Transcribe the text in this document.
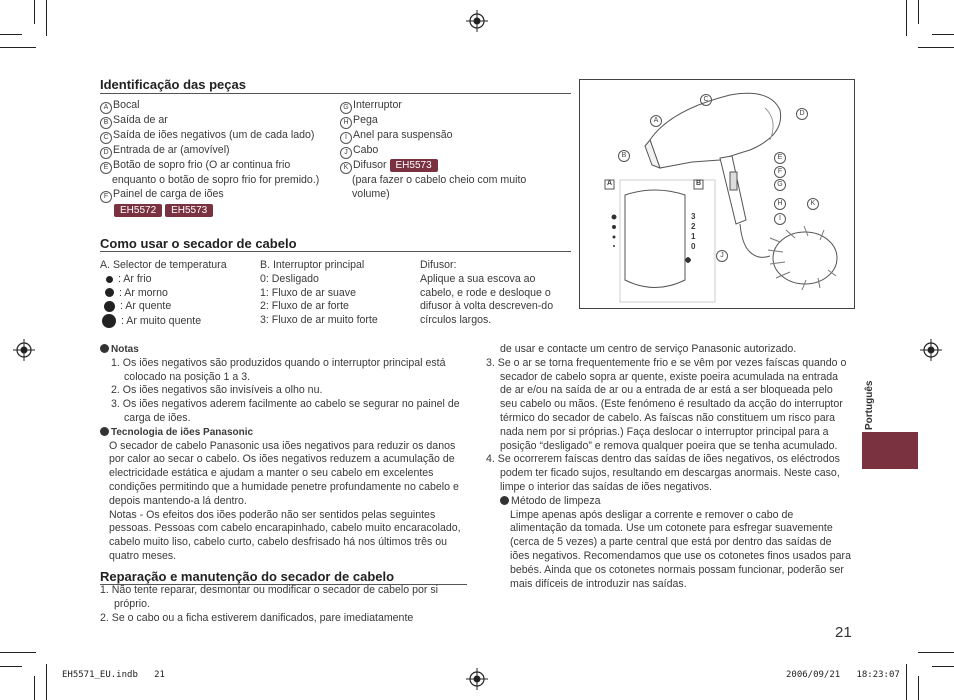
Identificação das peças
A Bocal
B Saída de ar
C Saída de iões negativos (um de cada lado)
D Entrada de ar (amovível)
E Botão de sopro frio (O ar continua frio enquanto o botão de sopro frio for premido.)
F Painel de carga de iões
EH5572 EH5573
G Interruptor
H Pega
I Anel para suspensão
J Cabo
K Difusor EH5573
(para fazer o cabelo cheio com muito volume)
Como usar o secador de cabelo
A. Selector de temperatura
: Ar frio
: Ar morno
: Ar quente
: Ar muito quente
B. Interruptor principal
0: Desligado
1: Fluxo de ar suave
2: Fluxo de ar forte
3: Fluxo de ar muito forte
Difusor:
Aplique a sua escova ao cabelo, e rode e desloque o difusor à volta descreven-do círculos largos.
C
D
A
B	E
F
G
H	K
I
J
A	B
3
2
1
0
Notas
1. Os iões negativos são produzidos quando o interruptor principal está colocado na posição 1 a 3.
2. Os iões negativos são invisíveis a olho nu.
3. Os iões negativos aderem facilmente ao cabelo se segurar no painel de carga de iões.
Tecnologia de iões Panasonic
O secador de cabelo Panasonic usa iões negativos para reduzir os danos por calor ao secar o cabelo. Os iões negativos reduzem a acumulação de electricidade estática e ajudam a manter o seu cabelo em excelentes condições permitindo que a humidade penetre profundamente no cabelo e depois mantendo-a lá dentro.
Notas - Os efeitos dos iões poderão não ser sentidos pelas seguintes pessoas. Pessoas com cabelo encarapinhado, cabelo muito encaracolado, cabelo muito liso, cabelo curto, cabelo desfrisado há nos últimos três ou quatro meses.
Reparação e manutenção do secador de cabelo
1. Não tente reparar, desmontar ou modificar o secador de cabelo por si próprio.
2. Se o cabo ou a ficha estiverem danificados, pare imediatamente
de usar e contacte um centro de serviço Panasonic autorizado.
3. Se o ar se torna frequentemente frio e se vêm por vezes faíscas quando o secador de cabelo sopra ar quente, existe poeira acumulada na entrada de ar e/ou na saída de ar ou a entrada de ar está a ser bloqueada pelo seu cabelo ou mãos. (Este fenómeno é resultado da acção do interruptor térmico do secador de cabelo. As faíscas não constituem um risco para nada nem por si próprias.) Faça deslocar o interruptor principal para a posição “desligado” e remova qualquer poeira que se tenha acumulado.
4. Se ocorrerem faíscas dentro das saídas de iões negativos, os eléctrodos podem ter ficado sujos, resultando em descargas anormais. Neste caso, limpe o interior das saídas de iões negativos.
Método de limpeza
Limpe apenas após desligar a corrente e remover o cabo de alimentação da tomada. Use um cotonete para esfregar suavemente (cerca de 5 vezes) a parte central que está por dentro das saídas de iões negativos. Recomendamos que use os cotonetes finos usados para bebés. Ainda que os cotonetes normais possam funcionar, poderão ser mais difíceis de introduzir nas saídas.
Português
21
EH5571_EU.indb   21	2006/09/21   18:23:07
